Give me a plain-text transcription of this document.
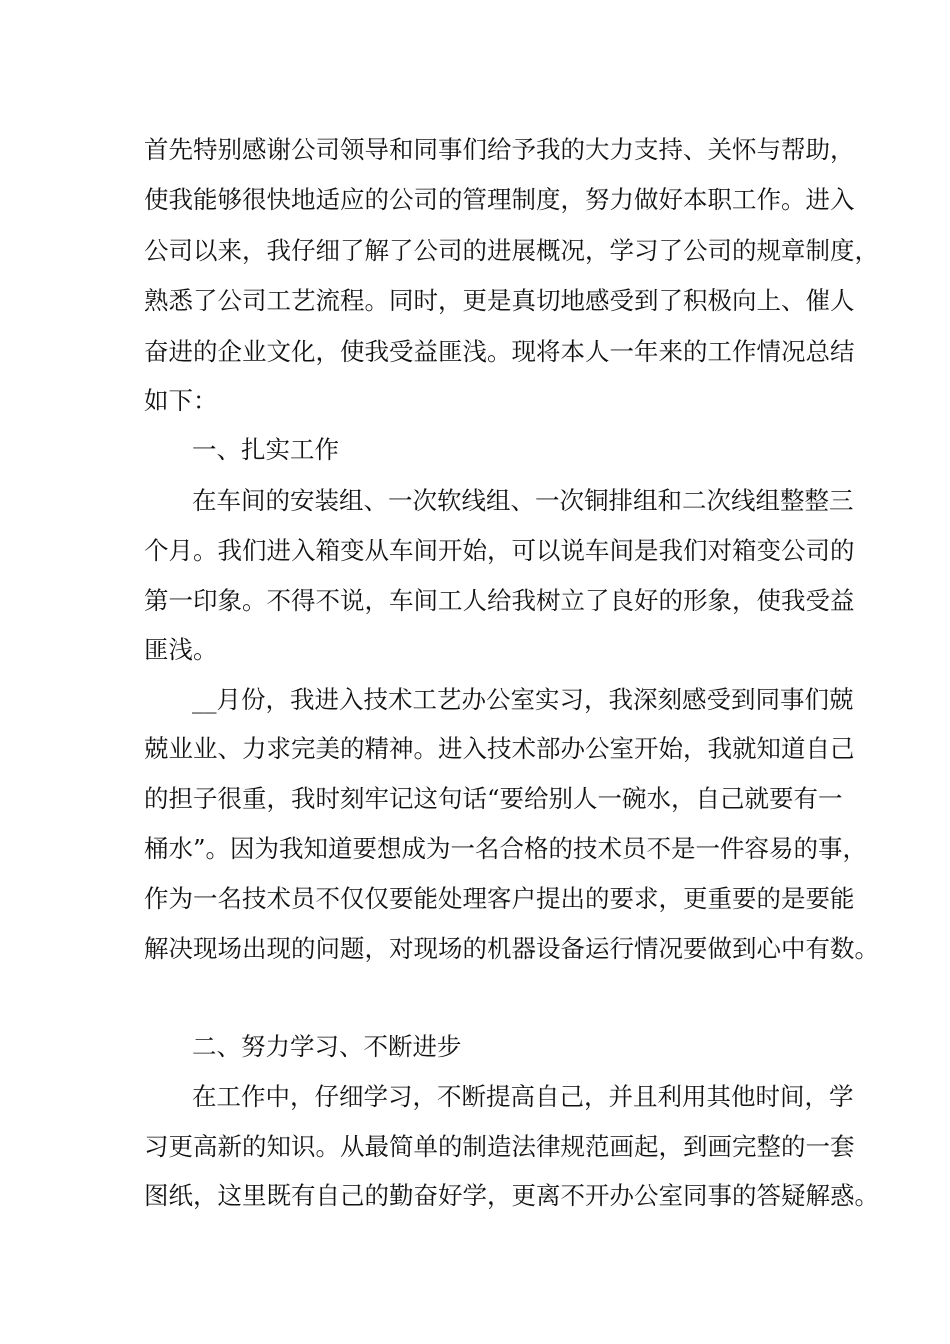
首先特别感谢公司领导和同事们给予我的大力支持、关怀与帮助，

使我能够很快地适应的公司的管理制度，努力做好本职工作。进入

公司以来，我仔细了解了公司的进展概况，学习了公司的规章制度，

熟悉了公司工艺流程。同时，更是真切地感受到了积极向上、催人

奋进的企业文化，使我受益匪浅。现将本人一年来的工作情况总结

如下：

一、扎实工作

在车间的安装组、一次软线组、一次铜排组和二次线组整整三

个月。我们进入箱变从车间开始，可以说车间是我们对箱变公司的

第一印象。不得不说，车间工人给我树立了良好的形象，使我受益

匪浅。

__月份，我进入技术工艺办公室实习，我深刻感受到同事们兢

兢业业、力求完美的精神。进入技术部办公室开始，我就知道自己

的担子很重，我时刻牢记这句话“要给别人一碗水，自己就要有一

桶水”。因为我知道要想成为一名合格的技术员不是一件容易的事，

作为一名技术员不仅仅要能处理客户提出的要求，更重要的是要能

解决现场出现的问题，对现场的机器设备运行情况要做到心中有数。

二、努力学习、不断进步

在工作中，仔细学习，不断提高自己，并且利用其他时间，学

习更高新的知识。从最简单的制造法律规范画起，到画完整的一套

图纸，这里既有自己的勤奋好学，更离不开办公室同事的答疑解惑。
